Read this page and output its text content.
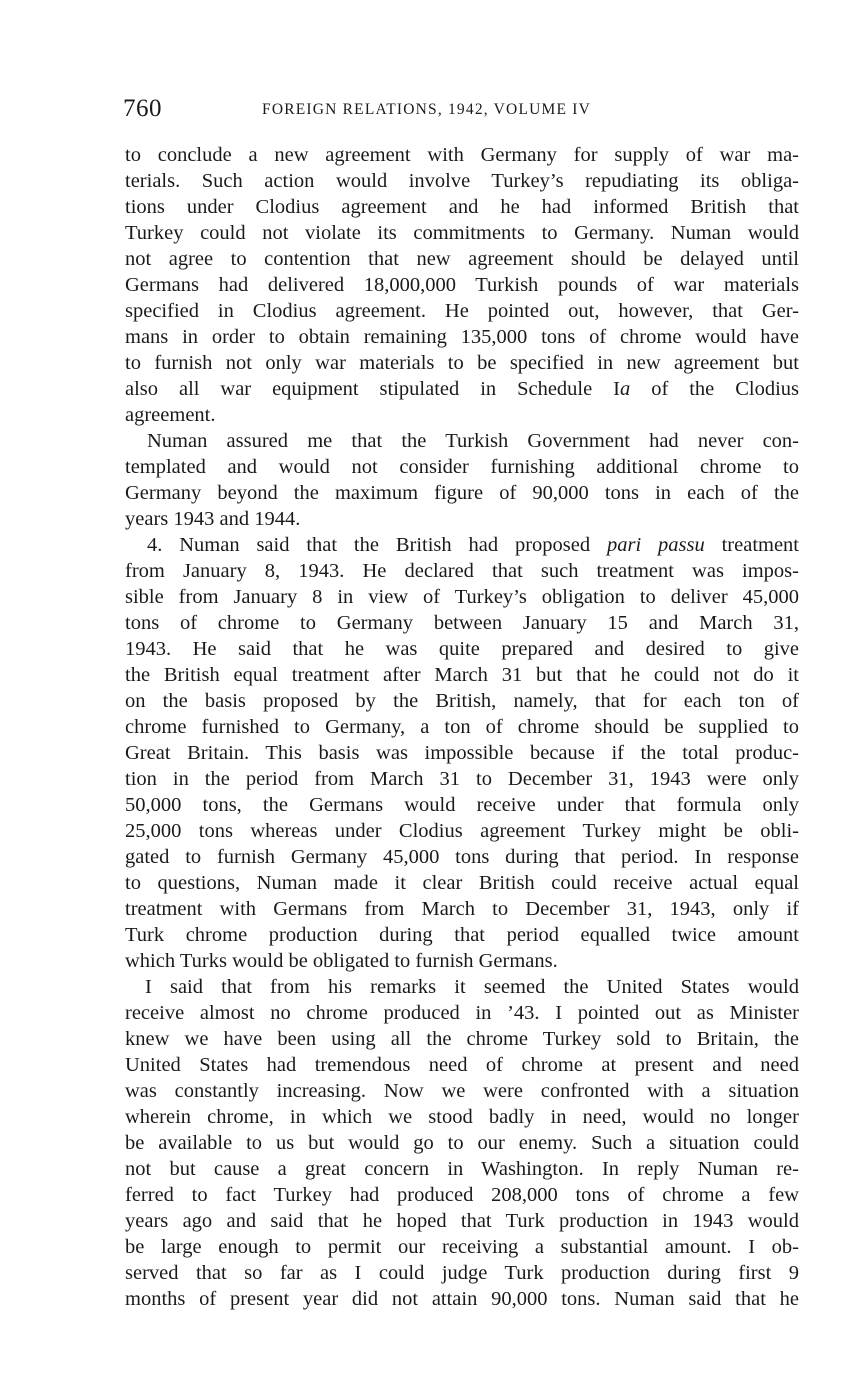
760	FOREIGN RELATIONS, 1942, VOLUME IV
to conclude a new agreement with Germany for supply of war ma-
terials. Such action would involve Turkey’s repudiating its obliga-
tions under Clodius agreement and he had informed British that
Turkey could not violate its commitments to Germany. Numan would
not agree to contention that new agreement should be delayed until
Germans had delivered 18,000,000 Turkish pounds of war materials
specified in Clodius agreement. He pointed out, however, that Ger-
mans in order to obtain remaining 135,000 tons of chrome would have
to furnish not only war materials to be specified in new agreement but
also all war equipment stipulated in Schedule Ia of the Clodius
agreement.
Numan assured me that the Turkish Government had never con-
templated and would not consider furnishing additional chrome to
Germany beyond the maximum figure of 90,000 tons in each of the
years 1943 and 1944.
4. Numan said that the British had proposed pari passu treatment
from January 8, 1943. He declared that such treatment was impos-
sible from January 8 in view of Turkey’s obligation to deliver 45,000
tons of chrome to Germany between January 15 and March 31,
1943. He said that he was quite prepared and desired to give
the British equal treatment after March 31 but that he could not do it
on the basis proposed by the British, namely, that for each ton of
chrome furnished to Germany, a ton of chrome should be supplied to
Great Britain. This basis was impossible because if the total produc-
tion in the period from March 31 to December 31, 1943 were only
50,000 tons, the Germans would receive under that formula only
25,000 tons whereas under Clodius agreement Turkey might be obli-
gated to furnish Germany 45,000 tons during that period. In response
to questions, Numan made it clear British could receive actual equal
treatment with Germans from March to December 31, 1943, only if
Turk chrome production during that period equalled twice amount
which Turks would be obligated to furnish Germans.
I said that from his remarks it seemed the United States would
receive almost no chrome produced in ’43. I pointed out as Minister
knew we have been using all the chrome Turkey sold to Britain, the
United States had tremendous need of chrome at present and need
was constantly increasing. Now we were confronted with a situation
wherein chrome, in which we stood badly in need, would no longer
be available to us but would go to our enemy. Such a situation could
not but cause a great concern in Washington. In reply Numan re-
ferred to fact Turkey had produced 208,000 tons of chrome a few
years ago and said that he hoped that Turk production in 1943 would
be large enough to permit our receiving a substantial amount. I ob-
served that so far as I could judge Turk production during first 9
months of present year did not attain 90,000 tons. Numan said that he
